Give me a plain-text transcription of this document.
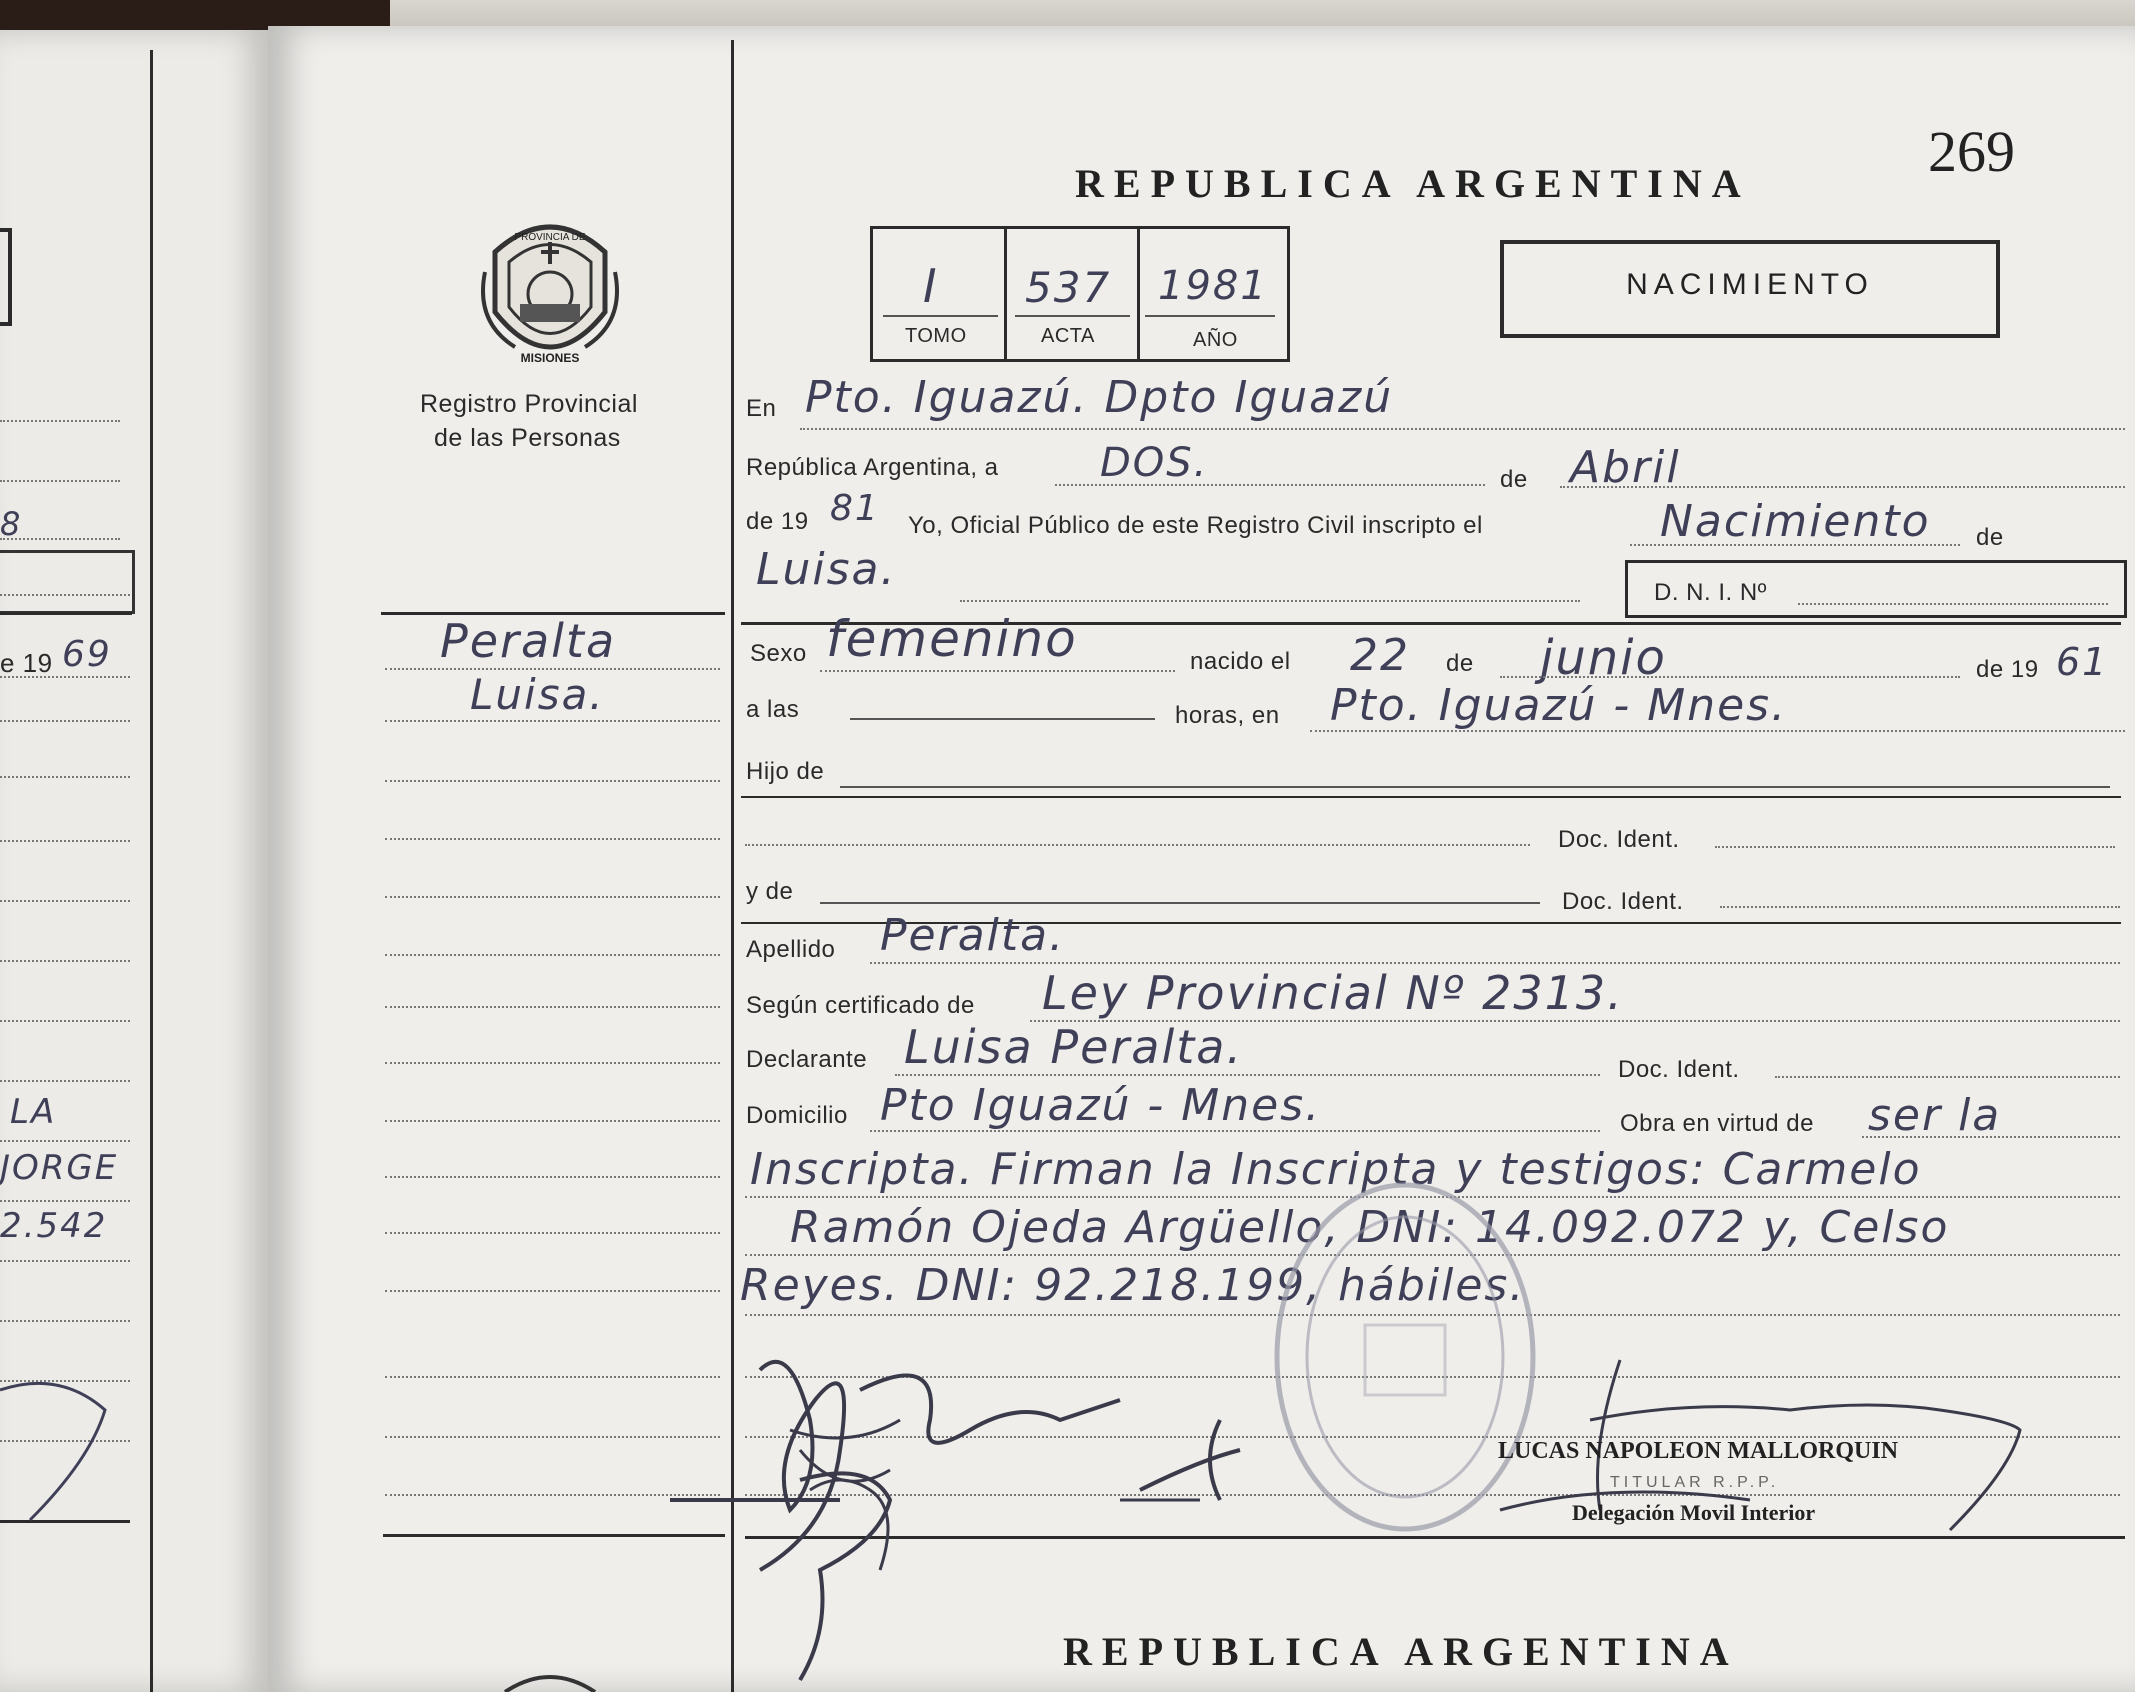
8
e 19 69
LA
JORGE
2.542
269
REPUBLICA ARGENTINA
MISIONES
PROVINCIA DE
Registro Provincial
de las Personas
I 537 1981
TOMO	ACTA	AÑO
NACIMIENTO
En Pto. Iguazú. Dpto Iguazú
República Argentina, a	DOS.	de Abril
de 19 81 Yo, Oficial Público de este Registro Civil inscripto el	Nacimiento de
Luisa.	D. N. I. Nº
Peralta
Luisa.
Sexo femenino	nacido el 22 de junio	de 19 61
a las	horas, en Pto. Iguazú - Mnes.
Hijo de
Doc. Ident.
y de	Doc. Ident.
Apellido Peralta.
Según certificado de Ley Provincial Nº 2313.
Declarante Luisa Peralta.	Doc. Ident.
Domicilio Pto Iguazú - Mnes.	Obra en virtud de ser la
Inscripta. Firman la Inscripta y testigos: Carmelo
Ramón Ojeda Argüello, DNI: 14.092.072 y, Celso
Reyes. DNI: 92.218.199, hábiles.
LUCAS NAPOLEON MALLORQUIN
TITULAR R.P.P.
Delegación Movil Interior
REPUBLICA ARGENTINA
